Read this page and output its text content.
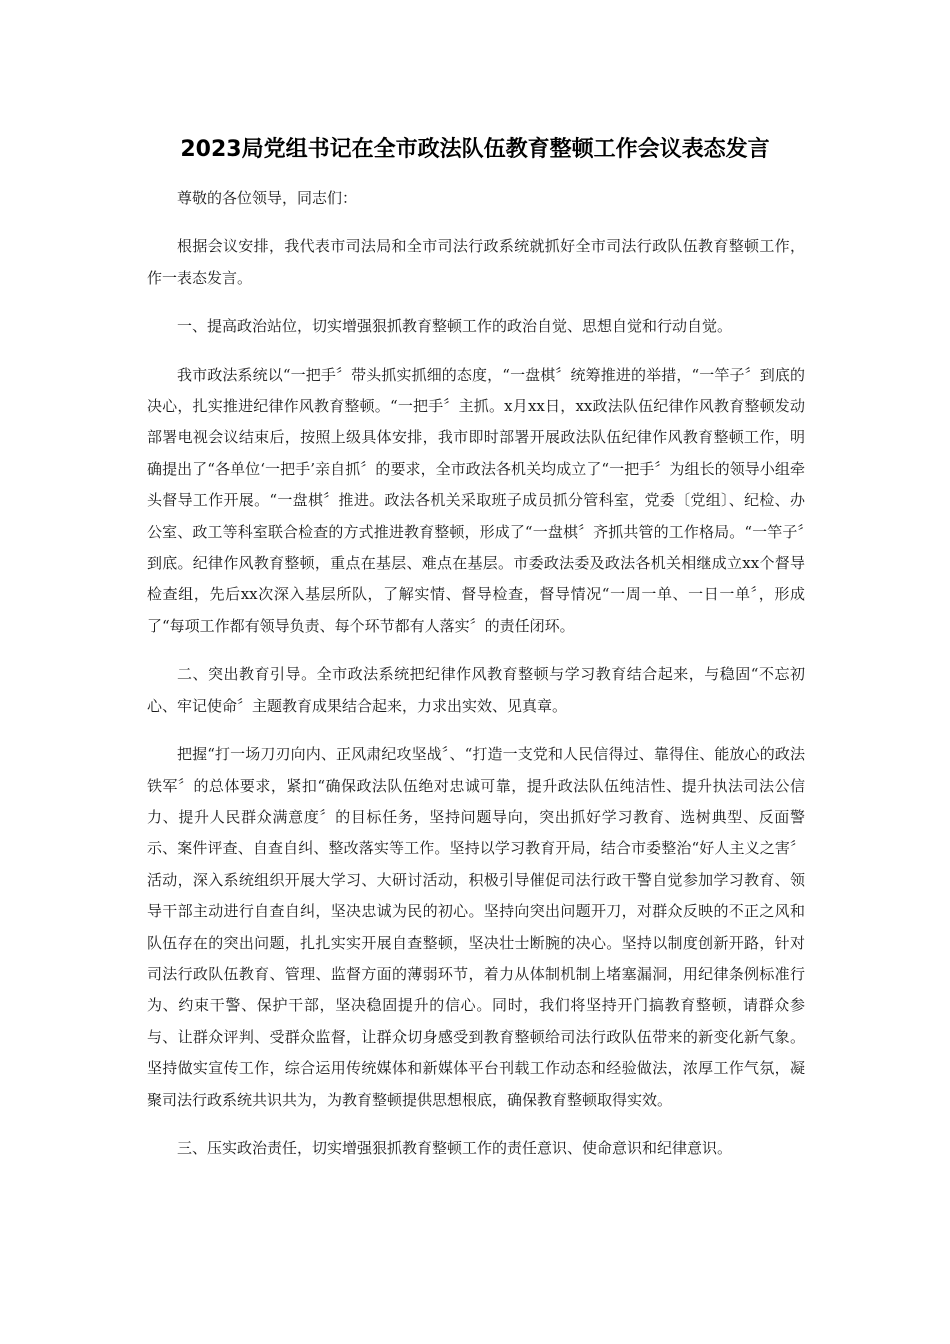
2023局党组书记在全市政法队伍教育整顿工作会议表态发言

尊敬的各位领导，同志们：

根据会议安排，我代表市司法局和全市司法行政系统就抓好全市司法行政队伍教育整顿工作，作一表态发言。

一、提高政治站位，切实增强狠抓教育整顿工作的政治自觉、思想自觉和行动自觉。

我市政法系统以“一把手〞带头抓实抓细的态度，“一盘棋〞统筹推进的举措，“一竿子〞到底的决心，扎实推进纪律作风教育整顿。“一把手〞主抓。x月xx日，xx政法队伍纪律作风教育整顿发动部署电视会议结束后，按照上级具体安排，我市即时部署开展政法队伍纪律作风教育整顿工作，明确提出了“各单位‘一把手’亲自抓〞的要求，全市政法各机关均成立了“一把手〞为组长的领导小组牵头督导工作开展。“一盘棋〞推进。政法各机关采取班子成员抓分管科室，党委〔党组〕、纪检、办公室、政工等科室联合检查的方式推进教育整顿，形成了“一盘棋〞齐抓共管的工作格局。“一竿子〞到底。纪律作风教育整顿，重点在基层、难点在基层。市委政法委及政法各机关相继成立xx个督导检查组，先后xx次深入基层所队，了解实情、督导检查，督导情况“一周一单、一日一单〞，形成了“每项工作都有领导负责、每个环节都有人落实〞的责任闭环。

二、突出教育引导。全市政法系统把纪律作风教育整顿与学习教育结合起来，与稳固“不忘初心、牢记使命〞主题教育成果结合起来，力求出实效、见真章。

把握“打一场刀刃向内、正风肃纪攻坚战〞、“打造一支党和人民信得过、靠得住、能放心的政法铁军〞的总体要求，紧扣“确保政法队伍绝对忠诚可靠，提升政法队伍纯洁性、提升执法司法公信力、提升人民群众满意度〞的目标任务，坚持问题导向，突出抓好学习教育、选树典型、反面警示、案件评查、自查自纠、整改落实等工作。坚持以学习教育开局，结合市委整治“好人主义之害〞活动，深入系统组织开展大学习、大研讨活动，积极引导催促司法行政干警自觉参加学习教育、领导干部主动进行自查自纠，坚决忠诚为民的初心。坚持向突出问题开刀，对群众反映的不正之风和队伍存在的突出问题，扎扎实实开展自查整顿，坚决壮士断腕的决心。坚持以制度创新开路，针对司法行政队伍教育、管理、监督方面的薄弱环节，着力从体制机制上堵塞漏洞，用纪律条例标准行为、约束干警、保护干部，坚决稳固提升的信心。同时，我们将坚持开门搞教育整顿，请群众参与、让群众评判、受群众监督，让群众切身感受到教育整顿给司法行政队伍带来的新变化新气象。坚持做实宣传工作，综合运用传统媒体和新媒体平台刊载工作动态和经验做法，浓厚工作气氛，凝聚司法行政系统共识共为，为教育整顿提供思想根底，确保教育整顿取得实效。

三、压实政治责任，切实增强狠抓教育整顿工作的责任意识、使命意识和纪律意识。
